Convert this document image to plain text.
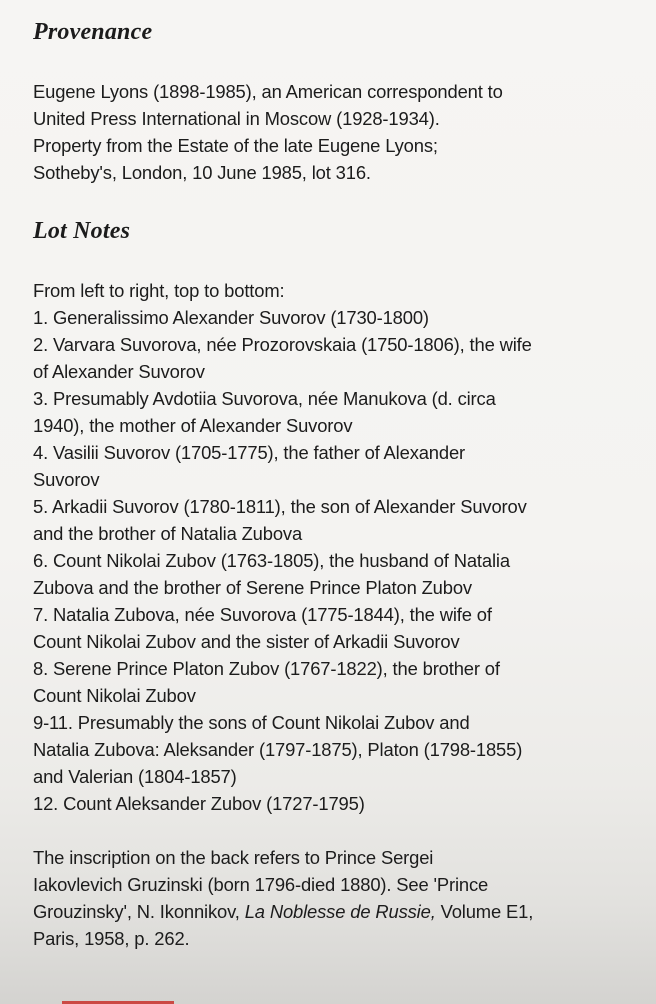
Provenance

Eugene Lyons (1898-1985), an American correspondent to
United Press International in Moscow (1928-1934).
Property from the Estate of the late Eugene Lyons;
Sotheby's, London, 10 June 1985, lot 316.

Lot Notes

From left to right, top to bottom:
1. Generalissimo Alexander Suvorov (1730-1800)
2. Varvara Suvorova, née Prozorovskaia (1750-1806), the wife
of Alexander Suvorov
3. Presumably Avdotiia Suvorova, née Manukova (d. circa
1940), the mother of Alexander Suvorov
4. Vasilii Suvorov (1705-1775), the father of Alexander
Suvorov
5. Arkadii Suvorov (1780-1811), the son of Alexander Suvorov
and the brother of Natalia Zubova
6. Count Nikolai Zubov (1763-1805), the husband of Natalia
Zubova and the brother of Serene Prince Platon Zubov
7. Natalia Zubova, née Suvorova (1775-1844), the wife of
Count Nikolai Zubov and the sister of Arkadii Suvorov
8. Serene Prince Platon Zubov (1767-1822), the brother of
Count Nikolai Zubov
9-11. Presumably the sons of Count Nikolai Zubov and
Natalia Zubova: Aleksander (1797-1875), Platon (1798-1855)
and Valerian (1804-1857)
12. Count Aleksander Zubov (1727-1795)

The inscription on the back refers to Prince Sergei
Iakovlevich Gruzinski (born 1796-died 1880). See 'Prince
Grouzinsky', N. Ikonnikov, La Noblesse de Russie, Volume E1,
Paris, 1958, p. 262.
